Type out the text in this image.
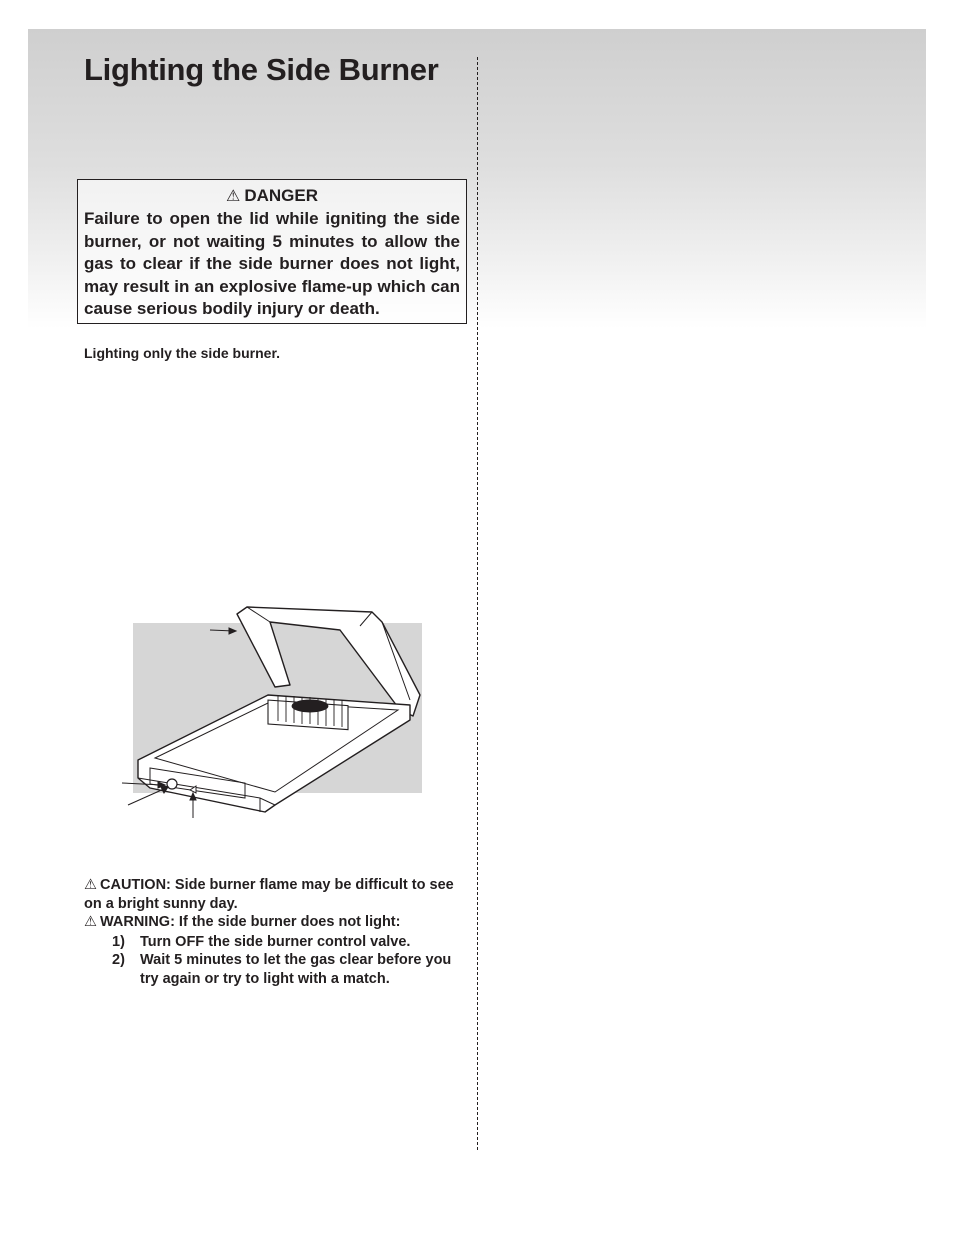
Lighting the Side Burner
⚠ DANGER
Failure to open the lid while igniting the side burner, or not waiting 5 minutes to allow the gas to clear if the side burner does not light, may result in an explosive flame-up which can cause serious bodily injury or death.

Lighting only the side burner.

⚠ CAUTION: Side burner flame may be difficult to see on a bright sunny day.

⚠ WARNING: If the side burner does not light:

1)	Turn OFF the side burner control valve.
2)	Wait 5 minutes to let the gas clear before you try again or try to light with a match.
